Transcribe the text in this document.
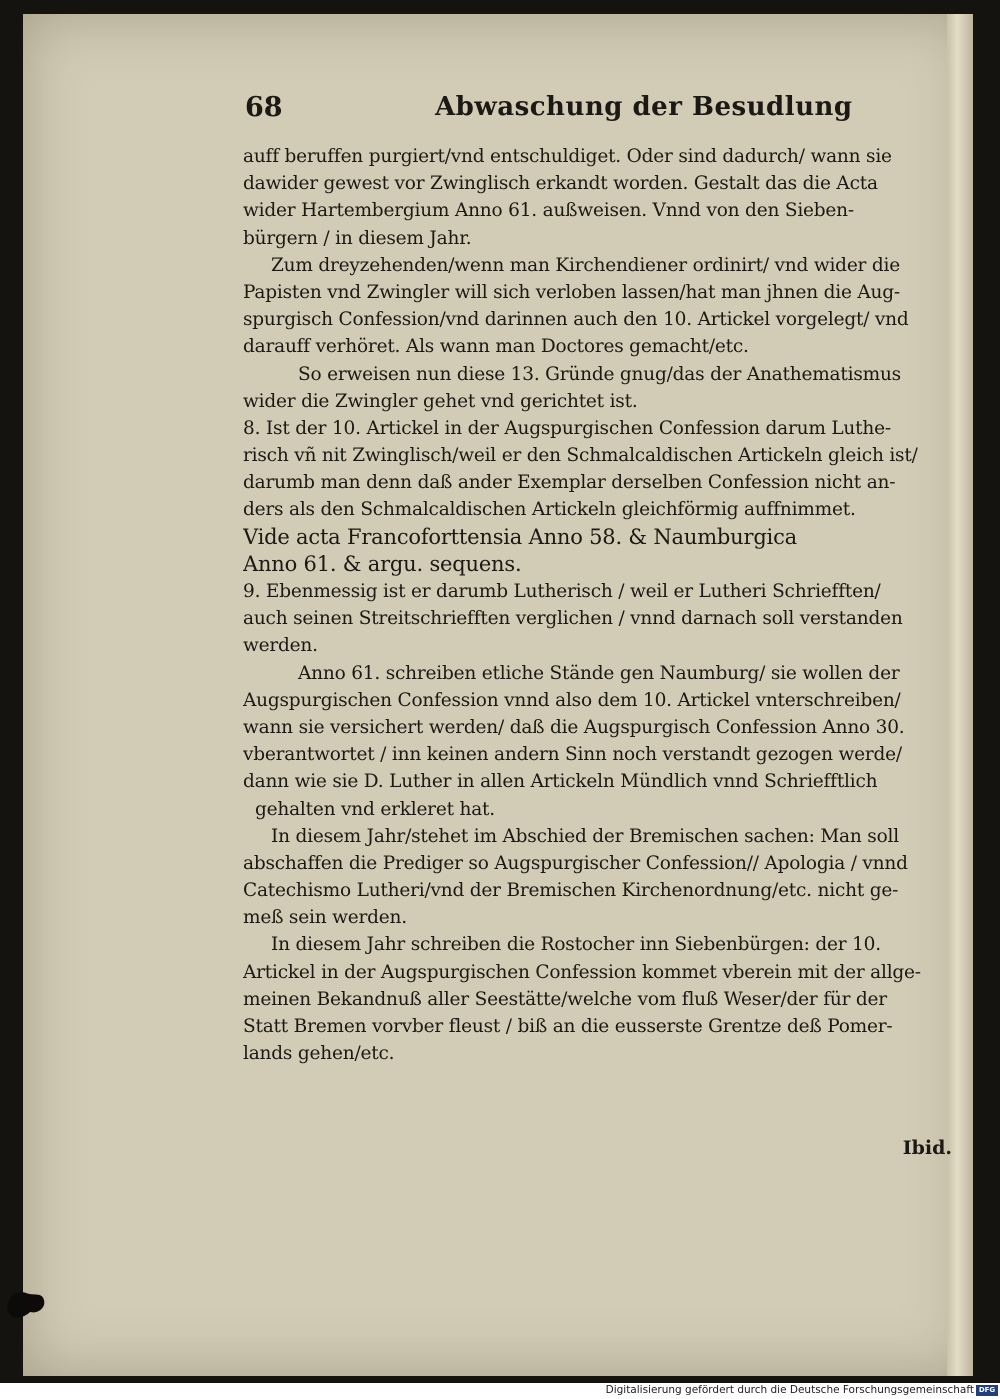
68	Abwaschung der Besudlung
auff beruffen purgiert/vnd entschuldiget. Oder sind dadurch/ wann sie
dawider gewest vor Zwinglisch erkandt worden. Gestalt das die Acta
wider Hartembergium Anno 61. außweisen. Vnnd von den Sieben-
bürgern / in diesem Jahr.
Zum dreyzehenden/wenn man Kirchendiener ordinirt/ vnd wider die
Papisten vnd Zwingler will sich verloben lassen/hat man jhnen die Aug-
spurgisch Confession/vnd darinnen auch den 10. Artickel vorgelegt/ vnd
darauff verhöret. Als wann man Doctores gemacht/etc.
So erweisen nun diese 13. Gründe gnug/das der Anathematismus
wider die Zwingler gehet vnd gerichtet ist.
8. Ist der 10. Artickel in der Augspurgischen Confession darum Luthe-
risch vñ nit Zwinglisch/weil er den Schmalcaldischen Artickeln gleich ist/
darumb man denn daß ander Exemplar derselben Confession nicht an-
ders als den Schmalcaldischen Artickeln gleichförmig auffnimmet.
Vide acta Francoforttensia Anno 58. & Naumburgica
Anno 61. & argu. sequens.
9. Ebenmessig ist er darumb Lutherisch / weil er Lutheri Schriefften/
auch seinen Streitschriefften verglichen / vnnd darnach soll verstanden
werden.
Anno 61. schreiben etliche Stände gen Naumburg/ sie wollen der
Augspurgischen Confession vnnd also dem 10. Artickel vnterschreiben/
wann sie versichert werden/ daß die Augspurgisch Confession Anno 30.
vberantwortet / inn keinen andern Sinn noch verstandt gezogen werde/
dann wie sie D. Luther in allen Artickeln Mündlich vnnd Schriefftlich
gehalten vnd erkleret hat.
In diesem Jahr/stehet im Abschied der Bremischen sachen: Man soll
abschaffen die Prediger so Augspurgischer Confession// Apologia / vnnd
Catechismo Lutheri/vnd der Bremischen Kirchenordnung/etc. nicht ge-
meß sein werden.
In diesem Jahr schreiben die Rostocher inn Siebenbürgen: der 10.
Artickel in der Augspurgischen Confession kommet vberein mit der allge-
meinen Bekandnuß aller Seestätte/welche vom fluß Weser/der für der
Statt Bremen vorvber fleust / biß an die eusserste Grentze deß Pomer-
lands gehen/etc.
Ibid.
Digitalisierung gefördert durch die Deutsche Forschungsgemeinschaft DFG
